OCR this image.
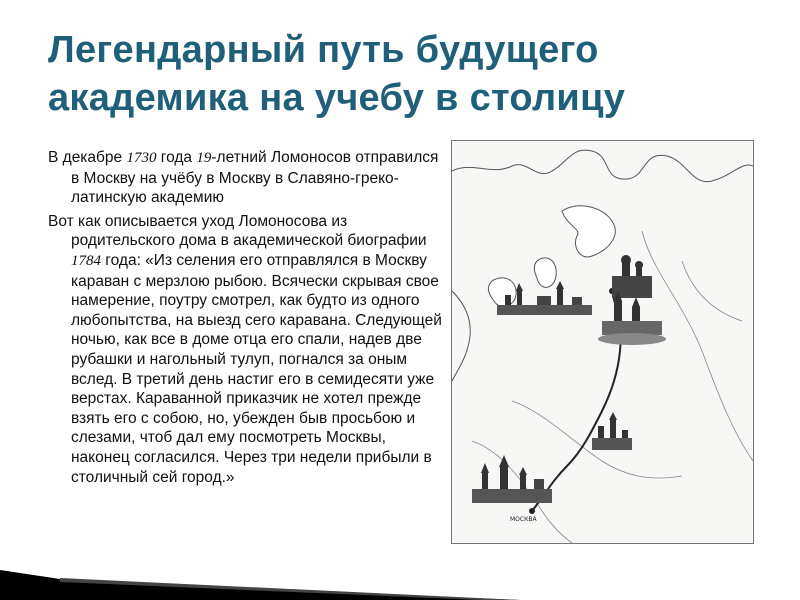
Легендарный путь будущего
академика на учебу в столицу

В декабре 1730 года 19-летний Ломоносов отправился в Москву на учёбу в Москву в Славяно-греко-латинскую академию

Вот как описывается уход Ломоносова из родительского дома в академической биографии 1784 года: «Из селения его отправлялся в Москву караван с мерзлою рыбою. Всячески скрывая свое намерение, поутру смотрел, как будто из одного любопытства, на выезд сего каравана. Следующей ночью, как все в доме отца его спали, надев две рубашки и нагольный тулуп, погнался за оным вслед. В третий день настиг его в семидесяти уже верстах. Караванной приказчик не хотел прежде взять его с собою, но, убежден быв просьбою и слезами, чтоб дал ему посмотреть Москвы, наконец согласился. Через три недели прибыли в столичный сей город.»

МОСКВА
